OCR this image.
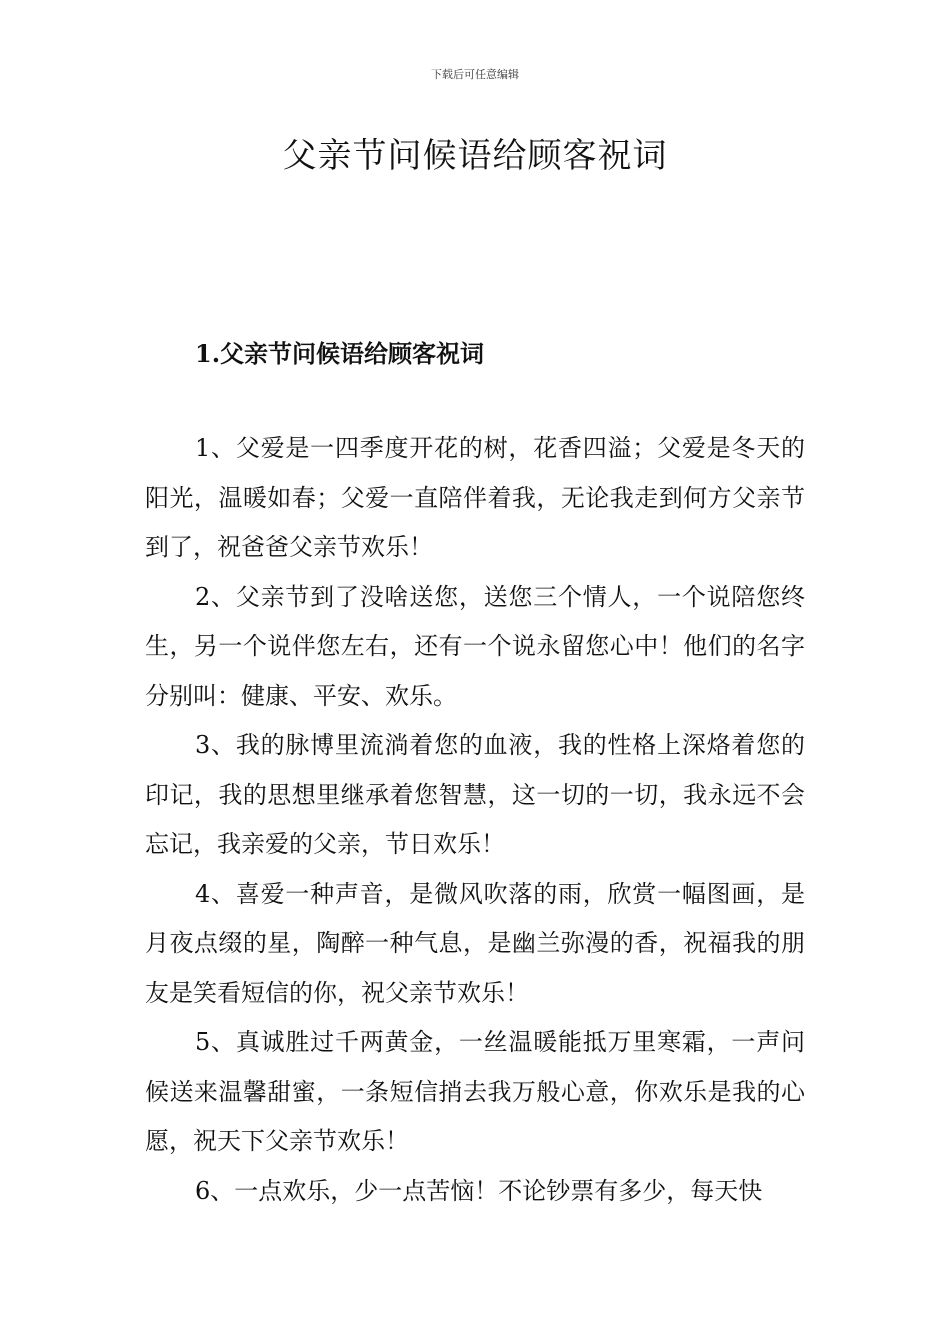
下载后可任意编辑
父亲节问候语给顾客祝词
1.父亲节问候语给顾客祝词

1、父爱是一四季度开花的树，花香四溢；父爱是冬天的阳光，温暖如春；父爱一直陪伴着我，无论我走到何方父亲节到了，祝爸爸父亲节欢乐！

2、父亲节到了没啥送您，送您三个情人，一个说陪您终生，另一个说伴您左右，还有一个说永留您心中！他们的名字分别叫：健康、平安、欢乐。

3、我的脉博里流淌着您的血液，我的性格上深烙着您的印记，我的思想里继承着您智慧，这一切的一切，我永远不会忘记，我亲爱的父亲，节日欢乐！

4、喜爱一种声音，是微风吹落的雨，欣赏一幅图画，是月夜点缀的星，陶醉一种气息，是幽兰弥漫的香，祝福我的朋友是笑看短信的你，祝父亲节欢乐！

5、真诚胜过千两黄金，一丝温暖能抵万里寒霜，一声问候送来温馨甜蜜，一条短信捎去我万般心意，你欢乐是我的心愿，祝天下父亲节欢乐！

6、一点欢乐，少一点苦恼！不论钞票有多少，每天快
